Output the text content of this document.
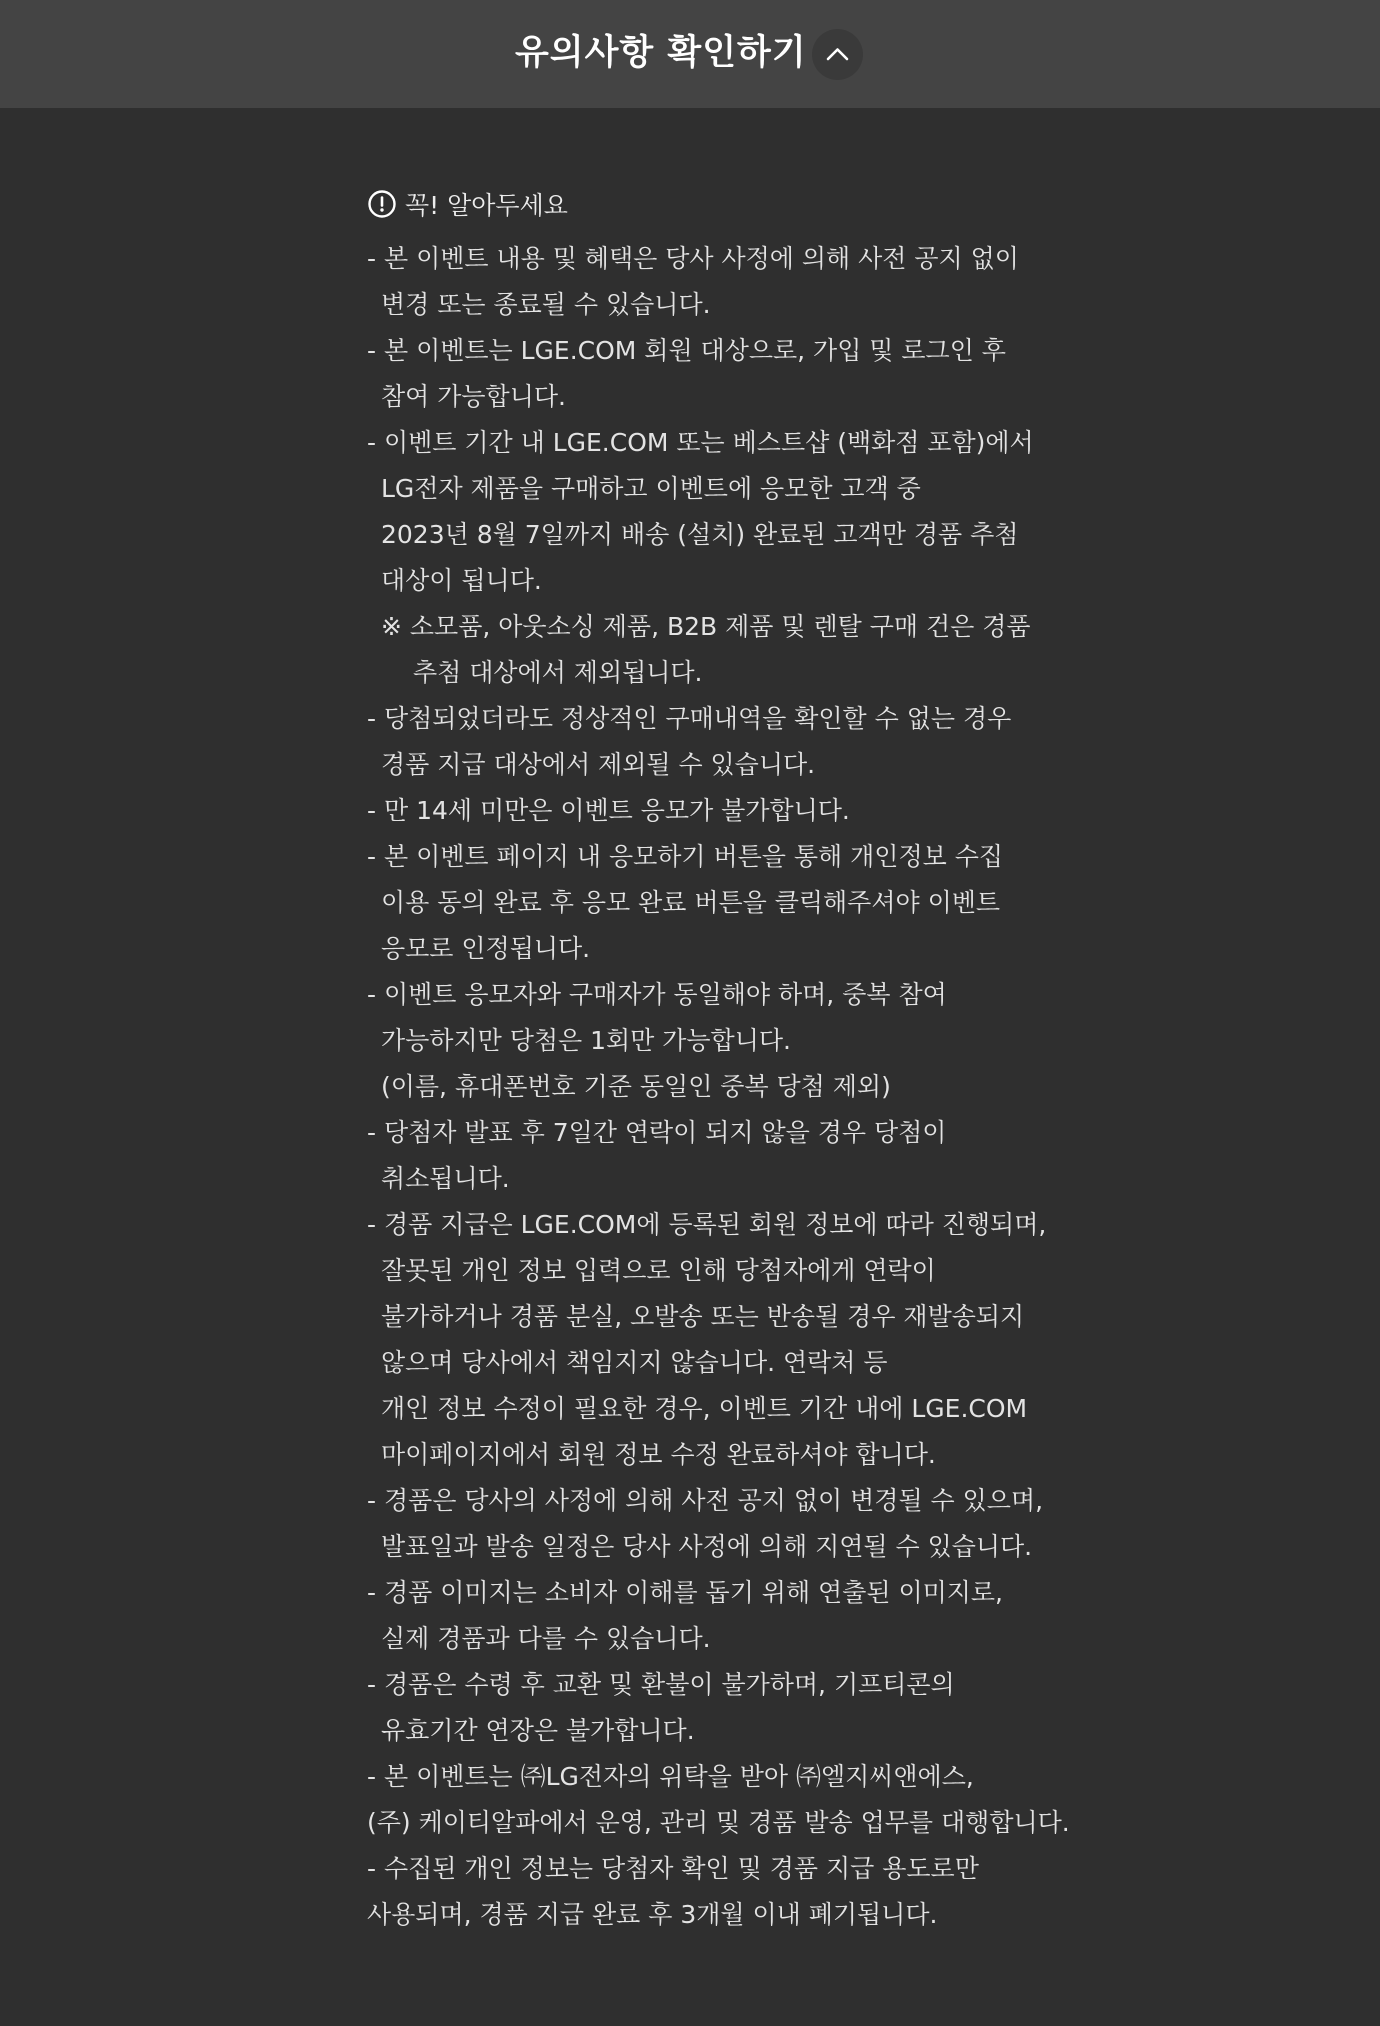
유의사항 확인하기
꼭! 알아두세요
- 본 이벤트 내용 및 혜택은 당사 사정에 의해 사전 공지 없이
변경 또는 종료될 수 있습니다.
- 본 이벤트는 LGE.COM 회원 대상으로, 가입 및 로그인 후
참여 가능합니다.
- 이벤트 기간 내 LGE.COM 또는 베스트샵 (백화점 포함)에서
LG전자 제품을 구매하고 이벤트에 응모한 고객 중
2023년 8월 7일까지 배송 (설치) 완료된 고객만 경품 추첨
대상이 됩니다.
※ 소모품, 아웃소싱 제품, B2B 제품 및 렌탈 구매 건은 경품
추첨 대상에서 제외됩니다.
- 당첨되었더라도 정상적인 구매내역을 확인할 수 없는 경우
경품 지급 대상에서 제외될 수 있습니다.
- 만 14세 미만은 이벤트 응모가 불가합니다.
- 본 이벤트 페이지 내 응모하기 버튼을 통해 개인정보 수집
이용 동의 완료 후 응모 완료 버튼을 클릭해주셔야 이벤트
응모로 인정됩니다.
- 이벤트 응모자와 구매자가 동일해야 하며, 중복 참여
가능하지만 당첨은 1회만 가능합니다.
(이름, 휴대폰번호 기준 동일인 중복 당첨 제외)
- 당첨자 발표 후 7일간 연락이 되지 않을 경우 당첨이
취소됩니다.
- 경품 지급은 LGE.COM에 등록된 회원 정보에 따라 진행되며,
잘못된 개인 정보 입력으로 인해 당첨자에게 연락이
불가하거나 경품 분실, 오발송 또는 반송될 경우 재발송되지
않으며 당사에서 책임지지 않습니다. 연락처 등
개인 정보 수정이 필요한 경우, 이벤트 기간 내에 LGE.COM
마이페이지에서 회원 정보 수정 완료하셔야 합니다.
- 경품은 당사의 사정에 의해 사전 공지 없이 변경될 수 있으며,
발표일과 발송 일정은 당사 사정에 의해 지연될 수 있습니다.
- 경품 이미지는 소비자 이해를 돕기 위해 연출된 이미지로,
실제 경품과 다를 수 있습니다.
- 경품은 수령 후 교환 및 환불이 불가하며, 기프티콘의
유효기간 연장은 불가합니다.
- 본 이벤트는 ㈜LG전자의 위탁을 받아 ㈜엘지씨앤에스,
(주) 케이티알파에서 운영, 관리 및 경품 발송 업무를 대행합니다.
- 수집된 개인 정보는 당첨자 확인 및 경품 지급 용도로만
사용되며, 경품 지급 완료 후 3개월 이내 폐기됩니다.
